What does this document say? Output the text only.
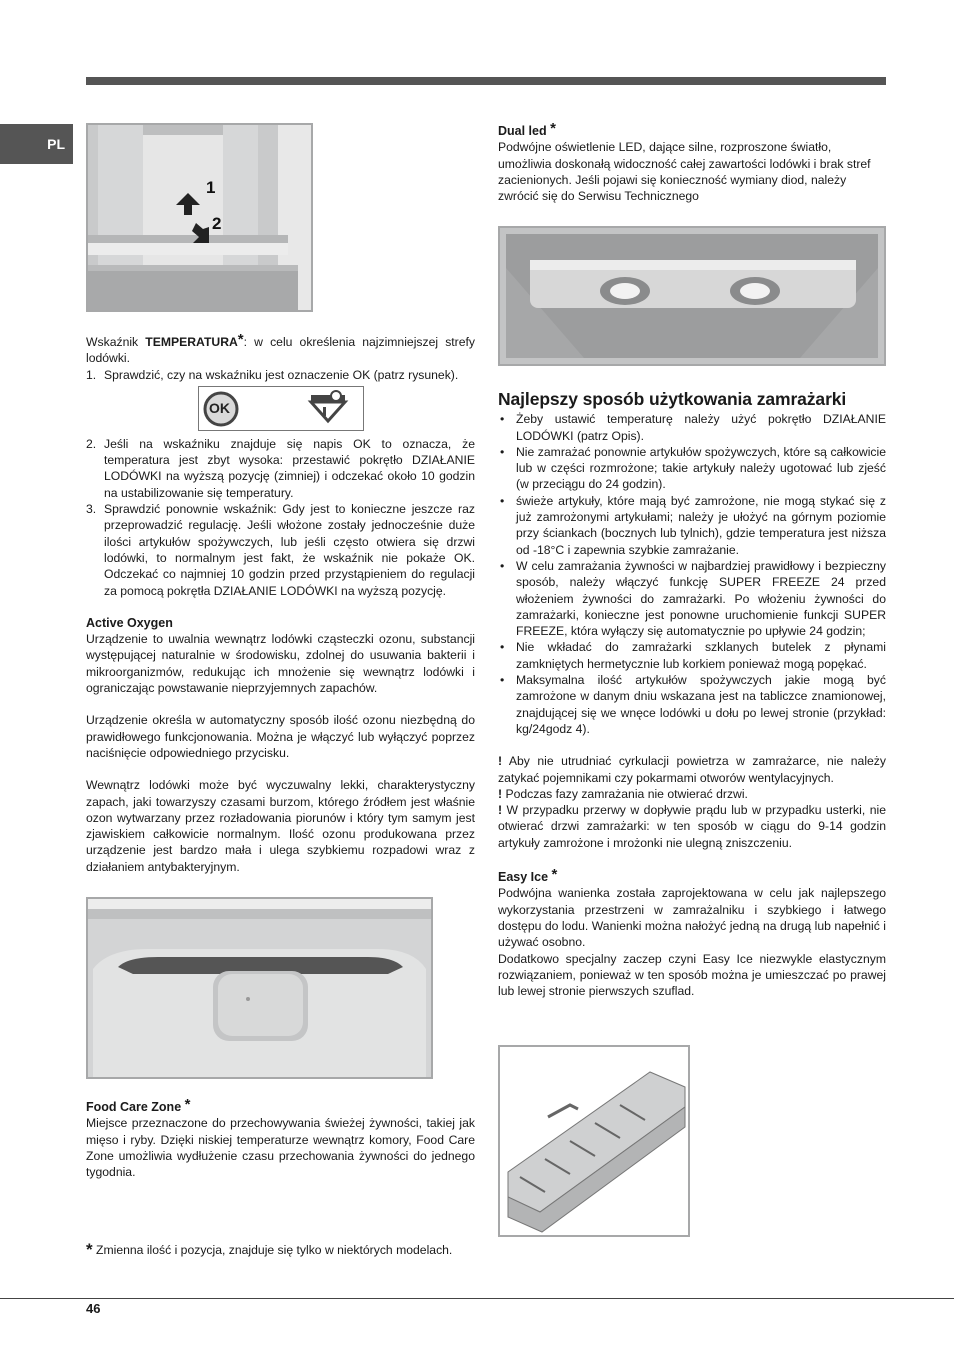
PL
1
2

Wskaźnik TEMPERATURA*: w celu określenia najzimniejszej strefy lodówki.

1. Sprawdzić, czy na wskaźniku jest oznaczenie OK (patrz rysunek).
OK
2. Jeśli na wskaźniku znajduje się napis OK to oznacza, że temperatura jest zbyt wysoka: przestawić pokrętło DZIAŁANIE LODÓWKI na wyższą pozycję (zimniej) i odczekać około 10 godzin na ustabilizowanie się temperatury.
3. Sprawdzić ponownie wskaźnik: Gdy jest to konieczne jeszcze raz przeprowadzić regulację. Jeśli włożone zostały jednocześnie duże ilości artykułów spożywczych, lub jeśli często otwiera się drzwi lodówki, to normalnym jest fakt, że wskaźnik nie pokaże OK. Odczekać co najmniej 10 godzin przed przystąpieniem do regulacji za pomocą pokrętła DZIAŁANIE LODÓWKI na wyższą pozycję.
Active Oxygen

Urządzenie to uwalnia wewnątrz lodówki cząsteczki ozonu, substancji występującej naturalnie w środowisku, zdolnej do usuwania bakterii i mikroorganizmów, redukując ich mnożenie się wewnątrz lodówki i ograniczając powstawanie nieprzyjemnych zapachów.

Urządzenie określa w automatyczny sposób ilość ozonu niezbędną do prawidłowego funkcjonowania. Można je włączyć lub wyłączyć poprzez naciśnięcie odpowiedniego przycisku.

Wewnątrz lodówki może być wyczuwalny lekki, charakterystyczny zapach, jaki towarzyszy czasami burzom, którego źródłem jest właśnie ozon wytwarzany przez rozładowania piorunów i który tym samym jest zjawiskiem całkowicie normalnym. Ilość ozonu produkowana przez urządzenie jest bardzo mała i ulega szybkiemu rozpadowi wraz z działaniem antybakteryjnym.

Food Care Zone *

Miejsce przeznaczone do przechowywania świeżej żywności, takiej jak mięso i ryby. Dzięki niskiej temperaturze wewnątrz komory, Food Care Zone umożliwia wydłużenie czasu przechowania żywności do jednego tygodnia.

* Zmienna ilość i pozycja, znajduje się tylko w niektórych modelach.

Dual led *

Podwójne oświetlenie LED, dające silne, rozproszone światło, umożliwia doskonałą widoczność całej zawartości lodówki i brak stref zacienionych. Jeśli pojawi się konieczność wymiany diod, należy zwrócić się do Serwisu Technicznego

Najlepszy sposób użytkowania zamrażarki
• Żeby ustawić temperaturę należy użyć pokrętło DZIAŁANIE LODÓWKI (patrz Opis).
• Nie zamrażać ponownie artykułów spożywczych, które są całkowicie lub w części rozmrożone; takie artykuły należy ugotować lub zjeść (w przeciągu do 24 godzin).
• świeże artykuły, które mają być zamrożone, nie mogą stykać się z już zamrożonymi artykułami; należy je ułożyć na górnym poziomie przy ściankach (bocznych lub tylnich), gdzie temperatura jest niższa od -18°C i zapewnia szybkie zamrażanie.
• W celu zamrażania żywności w najbardziej prawidłowy i bezpieczny sposób, należy włączyć funkcję SUPER FREEZE 24 przed włożeniem żywności do zamrażarki. Po włożeniu żywności do zamrażarki, konieczne jest ponowne uruchomienie funkcji SUPER FREEZE, która wyłączy się automatycznie po upływie 24 godzin;
• Nie wkładać do zamrażarki szklanych butelek z płynami zamkniętych hermetycznie lub korkiem ponieważ mogą popękać.
• Maksymalna ilość artykułów spożywczych jakie mogą być zamrożone w danym dniu wskazana jest na tabliczce znamionowej, znajdującej się we wnęce lodówki u dołu po lewej stronie (przykład: kg/24godz 4).

! Aby nie utrudniać cyrkulacji powietrza w zamrażarce, nie należy zatykać pojemnikami czy pokarmami otworów wentylacyjnych.

! Podczas fazy zamrażania nie otwierać drzwi.

! W przypadku przerwy w dopływie prądu lub w przypadku usterki, nie otwierać drzwi zamrażarki: w ten sposób w ciągu do 9-14 godzin artykuły zamrożone i mrożonki nie ulegną zniszczeniu.

Easy Ice *

Podwójna wanienka została zaprojektowana w celu jak najlepszego wykorzystania przestrzeni w zamrażalniku i szybkiego i łatwego dostępu do lodu. Wanienki można nałożyć jedną na drugą lub napełnić i używać osobno.

Dodatkowo specjalny zaczep czyni Easy Ice niezwykle elastycznym rozwiązaniem, ponieważ w ten sposób można je umieszczać po prawej lub lewej stronie pierwszych szuflad.

46
